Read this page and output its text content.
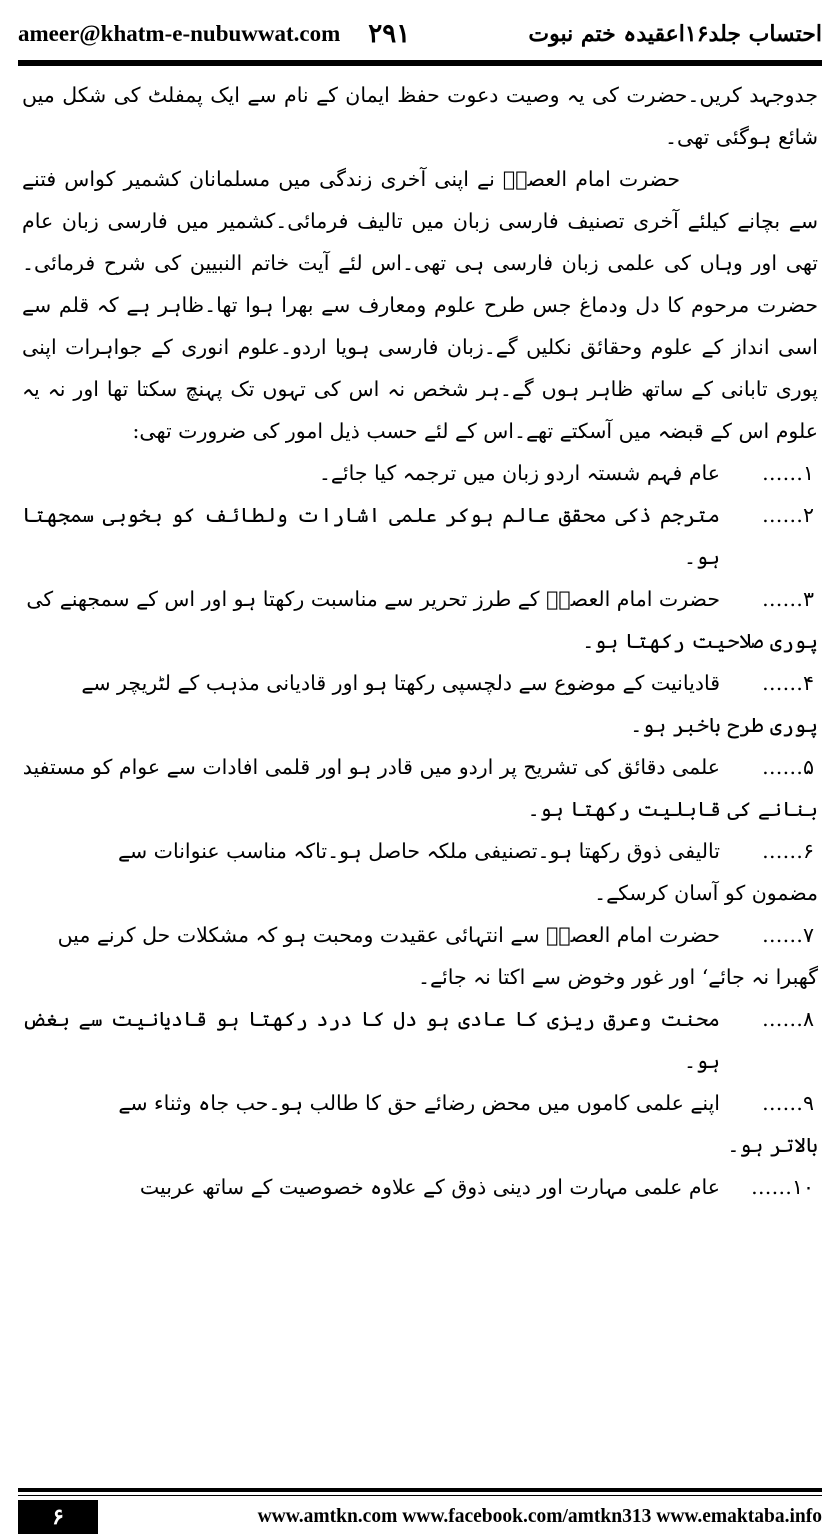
ameer@khatm-e-nubuwwat.com ۲۹۱	احتساب جلد۱۶اعقیدہ ختم نبوت

جدوجہد کریں۔حضرت کی یہ وصیت دعوت حفظ ایمان کے نام سے ایک پمفلٹ کی شکل میں شائع ہوگئی تھی۔

حضرت امام العصرؒ نے اپنی آخری زندگی میں مسلمانان کشمیر کواس فتنے سے بچانے کیلئے آخری تصنیف فارسی زبان میں تالیف فرمائی۔کشمیر میں فارسی زبان عام تھی اور وہاں کی علمی زبان فارسی ہی تھی۔اس لئے آیت خاتم النبیین کی شرح فرمائی۔حضرت مرحوم کا دل ودماغ جس طرح علوم ومعارف سے بھرا ہوا تھا۔ظاہر ہے کہ قلم سے اسی انداز کے علوم وحقائق نکلیں گے۔زبان فارسی ہویا اردو۔علوم انوری کے جواہرات اپنی پوری تابانی کے ساتھ ظاہر ہوں گے۔ہر شخص نہ اس کی تہوں تک پہنچ سکتا تھا اور نہ یہ علوم اس کے قبضہ میں آسکتے تھے۔اس کے لئے حسب ذیل امور کی ضرورت تھی:

۱……
عام فہم شستہ اردو زبان میں ترجمہ کیا جائے۔
۲……
مترجم ذکی محقق عالم ہوکر علمی اشارات ولطائف کو بخوبی سمجھتا ہو۔
۳……
حضرت امام العصرؒ کے طرز تحریر سے مناسبت رکھتا ہو اور اس کے سمجھنے کی

پوری صلاحیت رکھتا ہو۔

۴……
قادیانیت کے موضوع سے دلچسپی رکھتا ہو اور قادیانی مذہب کے لٹریچر سے

پوری طرح باخبر ہو۔

۵……
علمی دقائق کی تشریح پر اردو میں قادر ہو اور قلمی افادات سے عوام کو مستفید

بنانے کی قابلیت رکھتا ہو۔

۶……
تالیفی ذوق رکھتا ہو۔تصنیفی ملکہ حاصل ہو۔تاکہ مناسب عنوانات سے

مضمون کو آسان کرسکے۔

۷……
حضرت امام العصرؒ سے انتہائی عقیدت ومحبت ہو کہ مشکلات حل کرنے میں

گھبرا نہ جائے‘ اور غور وخوض سے اکتا نہ جائے۔

۸……
محنت وعرق ریزی کا عادی ہو دل کا درد رکھتا ہو قادیانیت سے بغض ہو۔
۹……
اپنے علمی کاموں میں محض رضائے حق کا طالب ہو۔حب جاہ وثناء سے

بالاتر ہو۔

۱۰……
عام علمی مہارت اور دینی ذوق کے علاوہ خصوصیت کے ساتھ عربیت
۶	www.amtkn.com www.facebook.com/amtkn313 www.emaktaba.info
